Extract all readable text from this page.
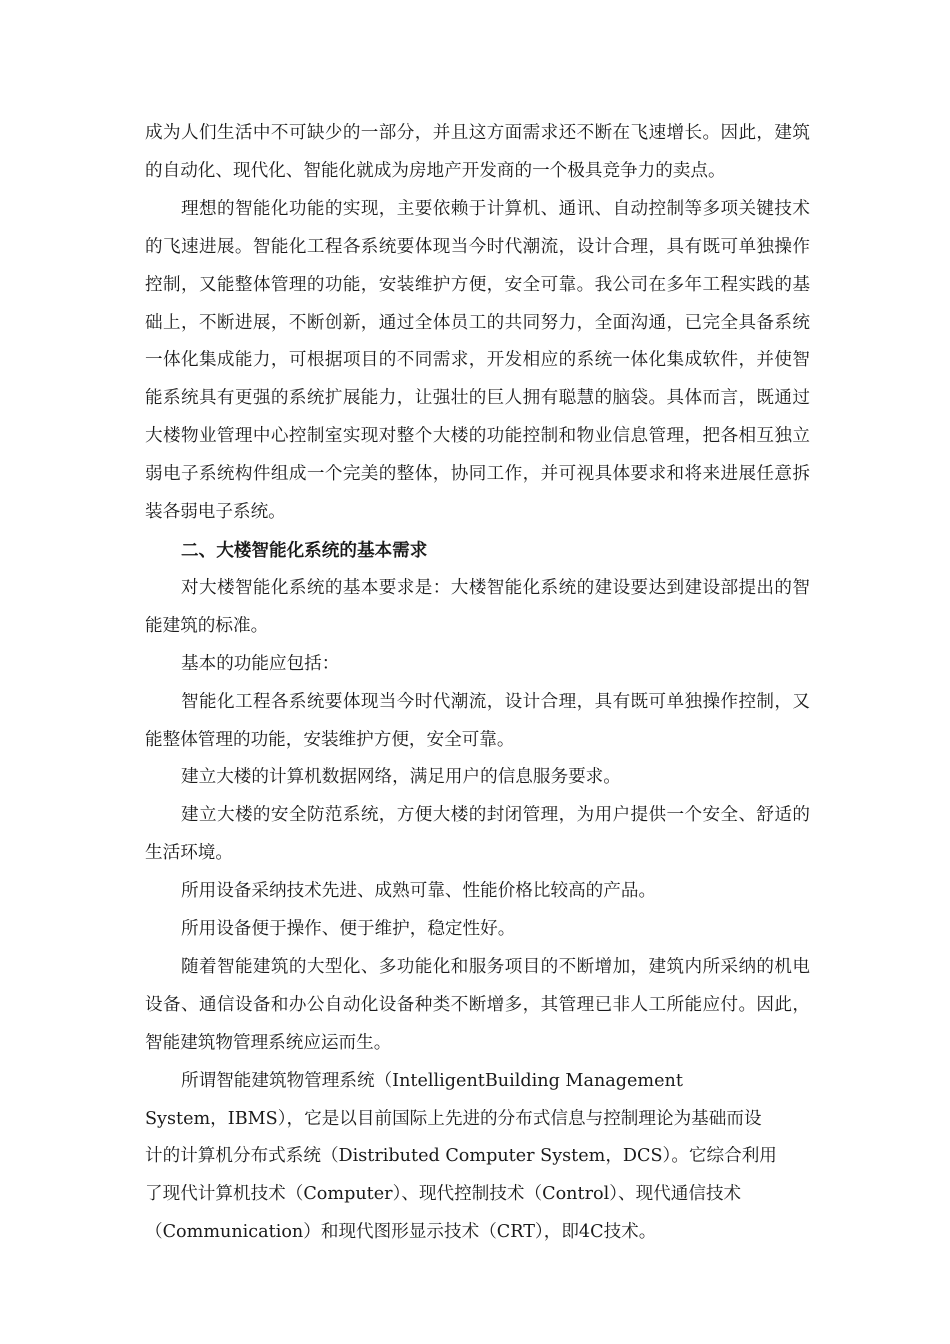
成为人们生活中不可缺少的一部分，并且这方面需求还不断在飞速增长。因此，建筑的自动化、现代化、智能化就成为房地产开发商的一个极具竞争力的卖点。

理想的智能化功能的实现，主要依赖于计算机、通讯、自动控制等多项关键技术的飞速进展。智能化工程各系统要体现当今时代潮流，设计合理，具有既可单独操作控制，又能整体管理的功能，安装维护方便，安全可靠。我公司在多年工程实践的基础上，不断进展，不断创新，通过全体员工的共同努力，全面沟通，已完全具备系统一体化集成能力，可根据项目的不同需求，开发相应的系统一体化集成软件，并使智能系统具有更强的系统扩展能力，让强壮的巨人拥有聪慧的脑袋。具体而言，既通过大楼物业管理中心控制室实现对整个大楼的功能控制和物业信息管理，把各相互独立弱电子系统构件组成一个完美的整体，协同工作，并可视具体要求和将来进展任意拆装各弱电子系统。

二、大楼智能化系统的基本需求

对大楼智能化系统的基本要求是：大楼智能化系统的建设要达到建设部提出的智能建筑的标准。

基本的功能应包括：

智能化工程各系统要体现当今时代潮流，设计合理，具有既可单独操作控制，又能整体管理的功能，安装维护方便，安全可靠。

建立大楼的计算机数据网络，满足用户的信息服务要求。

建立大楼的安全防范系统，方便大楼的封闭管理，为用户提供一个安全、舒适的生活环境。

所用设备采纳技术先进、成熟可靠、性能价格比较高的产品。

所用设备便于操作、便于维护，稳定性好。

随着智能建筑的大型化、多功能化和服务项目的不断增加，建筑内所采纳的机电设备、通信设备和办公自动化设备种类不断增多，其管理已非人工所能应付。因此，智能建筑物管理系统应运而生。

所谓智能建筑物管理系统（IntelligentBuilding Management

System，IBMS），它是以目前国际上先进的分布式信息与控制理论为基础而设

计的计算机分布式系统（Distributed Computer System，DCS）。它综合利用

了现代计算机技术（Computer）、现代控制技术（Control）、现代通信技术

（Communication）和现代图形显示技术（CRT），即4C技术。
